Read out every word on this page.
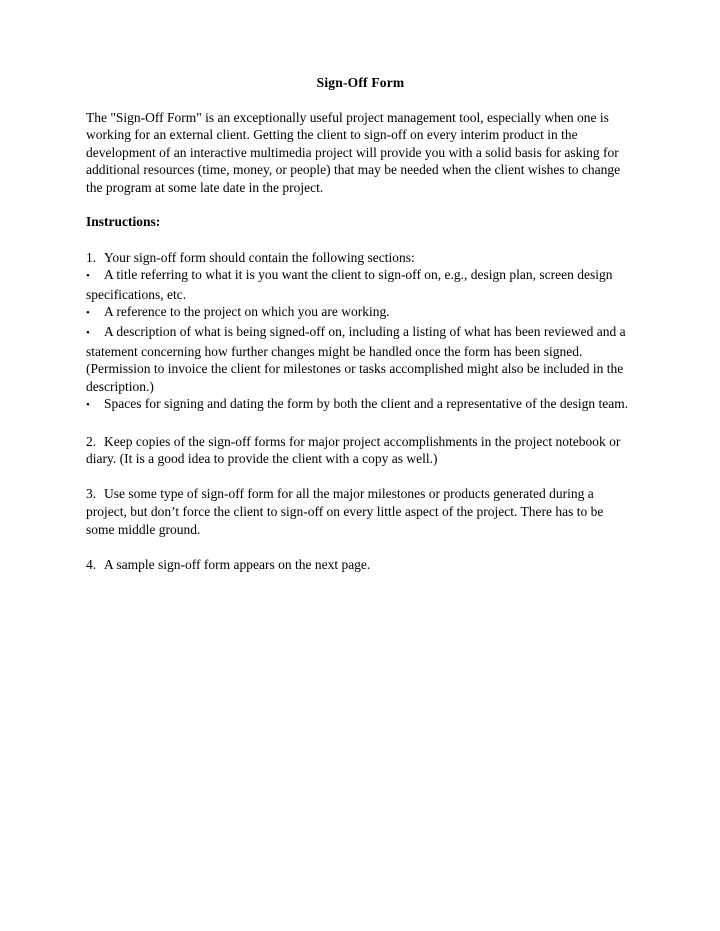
Sign-Off Form

The "Sign-Off Form" is an exceptionally useful project management tool, especially when one is working for an external client. Getting the client to sign-off on every interim product in the development of an interactive multimedia project will provide you with a solid basis for asking for additional resources (time, money, or people) that may be needed when the client wishes to change the program at some late date in the project.

Instructions:
1. Your sign-off form should contain the following sections:
• A title referring to what it is you want the client to sign-off on, e.g., design plan, screen design specifications, etc.
• A reference to the project on which you are working.
• A description of what is being signed-off on, including a listing of what has been reviewed and a statement concerning how further changes might be handled once the form has been signed. (Permission to invoice the client for milestones or tasks accomplished might also be included in the description.)
• Spaces for signing and dating the form by both the client and a representative of the design team.
2. Keep copies of the sign-off forms for major project accomplishments in the project notebook or diary. (It is a good idea to provide the client with a copy as well.)
3. Use some type of sign-off form for all the major milestones or products generated during a project, but don’t force the client to sign-off on every little aspect of the project. There has to be some middle ground.
4. A sample sign-off form appears on the next page.
